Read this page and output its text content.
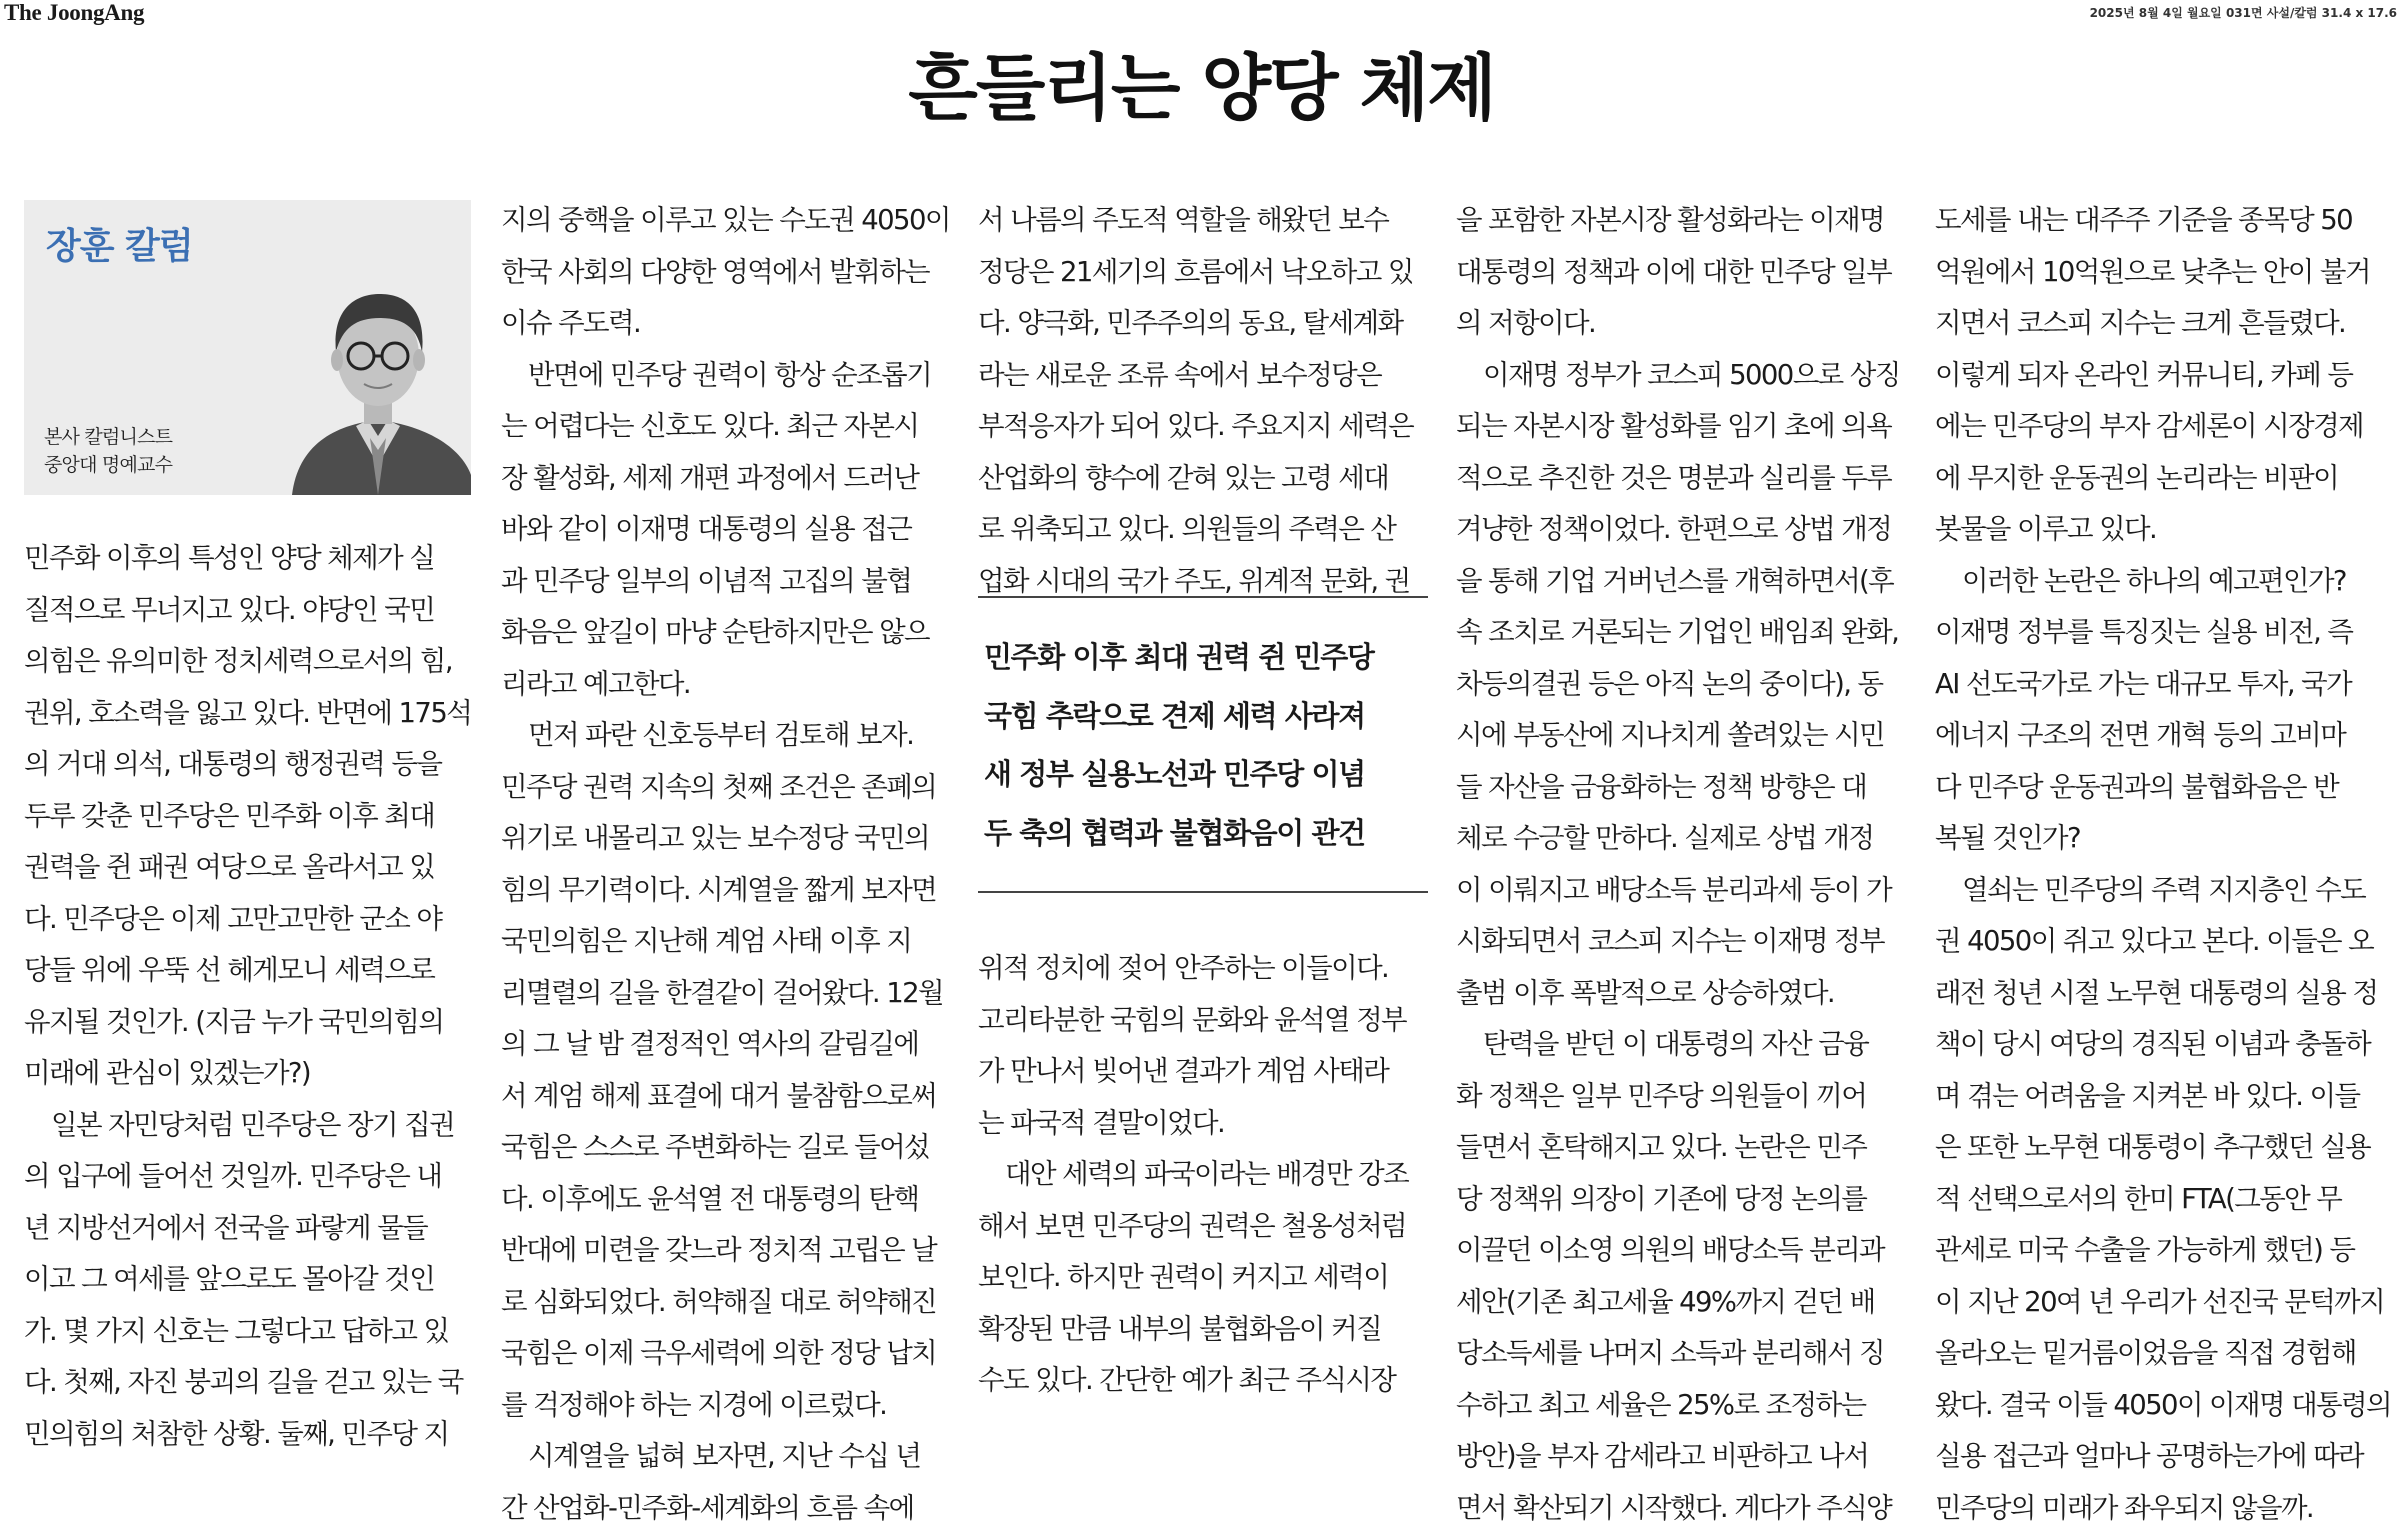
The JoongAng	2025년 8월 4일 월요일 031면 사설/칼럼 31.4 x 17.6
흔들리는 양당 체제
장훈 칼럼
본사 칼럼니스트
중앙대 명예교수
민주화 이후의 특성인 양당 체제가 실
질적으로 무너지고 있다. 야당인 국민
의힘은 유의미한 정치세력으로서의 힘,
권위, 호소력을 잃고 있다. 반면에 175석
의 거대 의석, 대통령의 행정권력 등을
두루 갖춘 민주당은 민주화 이후 최대
권력을 쥔 패권 여당으로 올라서고 있
다. 민주당은 이제 고만고만한 군소 야
당들 위에 우뚝 선 헤게모니 세력으로
유지될 것인가. (지금 누가 국민의힘의
미래에 관심이 있겠는가?)
일본 자민당처럼 민주당은 장기 집권
의 입구에 들어선 것일까. 민주당은 내
년 지방선거에서 전국을 파랗게 물들
이고 그 여세를 앞으로도 몰아갈 것인
가. 몇 가지 신호는 그렇다고 답하고 있
다. 첫째, 자진 붕괴의 길을 걷고 있는 국
민의힘의 처참한 상황. 둘째, 민주당 지
지의 중핵을 이루고 있는 수도권 4050이
한국 사회의 다양한 영역에서 발휘하는
이슈 주도력.
반면에 민주당 권력이 항상 순조롭기
는 어렵다는 신호도 있다. 최근 자본시
장 활성화, 세제 개편 과정에서 드러난
바와 같이 이재명 대통령의 실용 접근
과 민주당 일부의 이념적 고집의 불협
화음은 앞길이 마냥 순탄하지만은 않으
리라고 예고한다.
먼저 파란 신호등부터 검토해 보자.
민주당 권력 지속의 첫째 조건은 존폐의
위기로 내몰리고 있는 보수정당 국민의
힘의 무기력이다. 시계열을 짧게 보자면
국민의힘은 지난해 계엄 사태 이후 지
리멸렬의 길을 한결같이 걸어왔다. 12월
의 그 날 밤 결정적인 역사의 갈림길에
서 계엄 해제 표결에 대거 불참함으로써
국힘은 스스로 주변화하는 길로 들어섰
다. 이후에도 윤석열 전 대통령의 탄핵
반대에 미련을 갖느라 정치적 고립은 날
로 심화되었다. 허약해질 대로 허약해진
국힘은 이제 극우세력에 의한 정당 납치
를 걱정해야 하는 지경에 이르렀다.
시계열을 넓혀 보자면, 지난 수십 년
간 산업화-민주화-세계화의 흐름 속에
서 나름의 주도적 역할을 해왔던 보수
정당은 21세기의 흐름에서 낙오하고 있
다. 양극화, 민주주의의 동요, 탈세계화
라는 새로운 조류 속에서 보수정당은
부적응자가 되어 있다. 주요지지 세력은
산업화의 향수에 갇혀 있는 고령 세대
로 위축되고 있다. 의원들의 주력은 산
업화 시대의 국가 주도, 위계적 문화, 권
민주화 이후 최대 권력 쥔 민주당
국힘 추락으로 견제 세력 사라져
새 정부 실용노선과 민주당 이념
두 축의 협력과 불협화음이 관건
위적 정치에 젖어 안주하는 이들이다.
고리타분한 국힘의 문화와 윤석열 정부
가 만나서 빚어낸 결과가 계엄 사태라
는 파국적 결말이었다.
대안 세력의 파국이라는 배경만 강조
해서 보면 민주당의 권력은 철옹성처럼
보인다. 하지만 권력이 커지고 세력이
확장된 만큼 내부의 불협화음이 커질
수도 있다. 간단한 예가 최근 주식시장
을 포함한 자본시장 활성화라는 이재명
대통령의 정책과 이에 대한 민주당 일부
의 저항이다.
이재명 정부가 코스피 5000으로 상징
되는 자본시장 활성화를 임기 초에 의욕
적으로 추진한 것은 명분과 실리를 두루
겨냥한 정책이었다. 한편으로 상법 개정
을 통해 기업 거버넌스를 개혁하면서(후
속 조치로 거론되는 기업인 배임죄 완화,
차등의결권 등은 아직 논의 중이다), 동
시에 부동산에 지나치게 쏠려있는 시민
들 자산을 금융화하는 정책 방향은 대
체로 수긍할 만하다. 실제로 상법 개정
이 이뤄지고 배당소득 분리과세 등이 가
시화되면서 코스피 지수는 이재명 정부
출범 이후 폭발적으로 상승하였다.
탄력을 받던 이 대통령의 자산 금융
화 정책은 일부 민주당 의원들이 끼어
들면서 혼탁해지고 있다. 논란은 민주
당 정책위 의장이 기존에 당정 논의를
이끌던 이소영 의원의 배당소득 분리과
세안(기존 최고세율 49%까지 걷던 배
당소득세를 나머지 소득과 분리해서 징
수하고 최고 세율은 25%로 조정하는
방안)을 부자 감세라고 비판하고 나서
면서 확산되기 시작했다. 게다가 주식양
도세를 내는 대주주 기준을 종목당 50
억원에서 10억원으로 낮추는 안이 불거
지면서 코스피 지수는 크게 흔들렸다.
이렇게 되자 온라인 커뮤니티, 카페 등
에는 민주당의 부자 감세론이 시장경제
에 무지한 운동권의 논리라는 비판이
봇물을 이루고 있다.
이러한 논란은 하나의 예고편인가?
이재명 정부를 특징짓는 실용 비전, 즉
AI 선도국가로 가는 대규모 투자, 국가
에너지 구조의 전면 개혁 등의 고비마
다 민주당 운동권과의 불협화음은 반
복될 것인가?
열쇠는 민주당의 주력 지지층인 수도
권 4050이 쥐고 있다고 본다. 이들은 오
래전 청년 시절 노무현 대통령의 실용 정
책이 당시 여당의 경직된 이념과 충돌하
며 겪는 어려움을 지켜본 바 있다. 이들
은 또한 노무현 대통령이 추구했던 실용
적 선택으로서의 한미 FTA(그동안 무
관세로 미국 수출을 가능하게 했던) 등
이 지난 20여 년 우리가 선진국 문턱까지
올라오는 밑거름이었음을 직접 경험해
왔다. 결국 이들 4050이 이재명 대통령의
실용 접근과 얼마나 공명하는가에 따라
민주당의 미래가 좌우되지 않을까.
